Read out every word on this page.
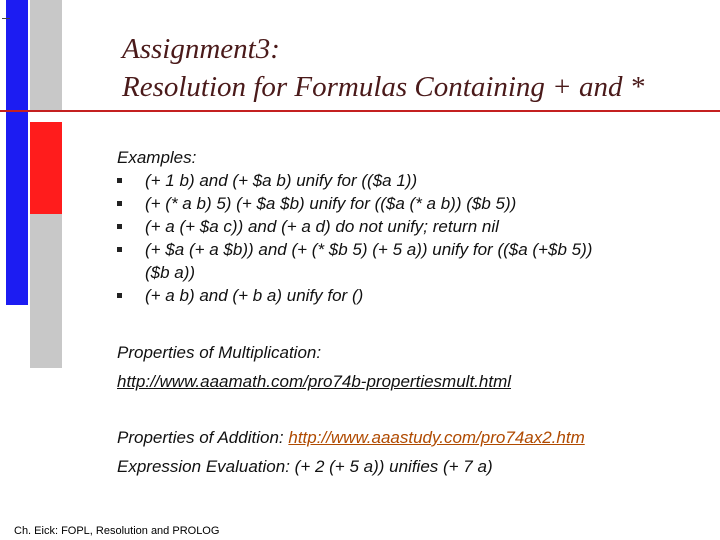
Assignment3:
Resolution for Formulas Containing + and *
Examples:
(+ 1 b) and (+ $a b) unify for (($a 1))
(+ (* a b) 5) (+ $a $b) unify for (($a (* a b)) ($b 5))
(+ a (+ $a c)) and (+ a d) do not unify; return nil
(+ $a (+ a $b)) and (+ (* $b 5) (+ 5 a)) unify for (($a (+$b 5))
($b a))
(+ a b) and (+ b a) unify for ()
Properties of Multiplication:
http://www.aaamath.com/pro74b-propertiesmult.html
Properties of Addition: http://www.aaastudy.com/pro74ax2.htm
Expression Evaluation: (+ 2 (+ 5 a)) unifies (+ 7 a)
Ch. Eick: FOPL, Resolution and PROLOG
